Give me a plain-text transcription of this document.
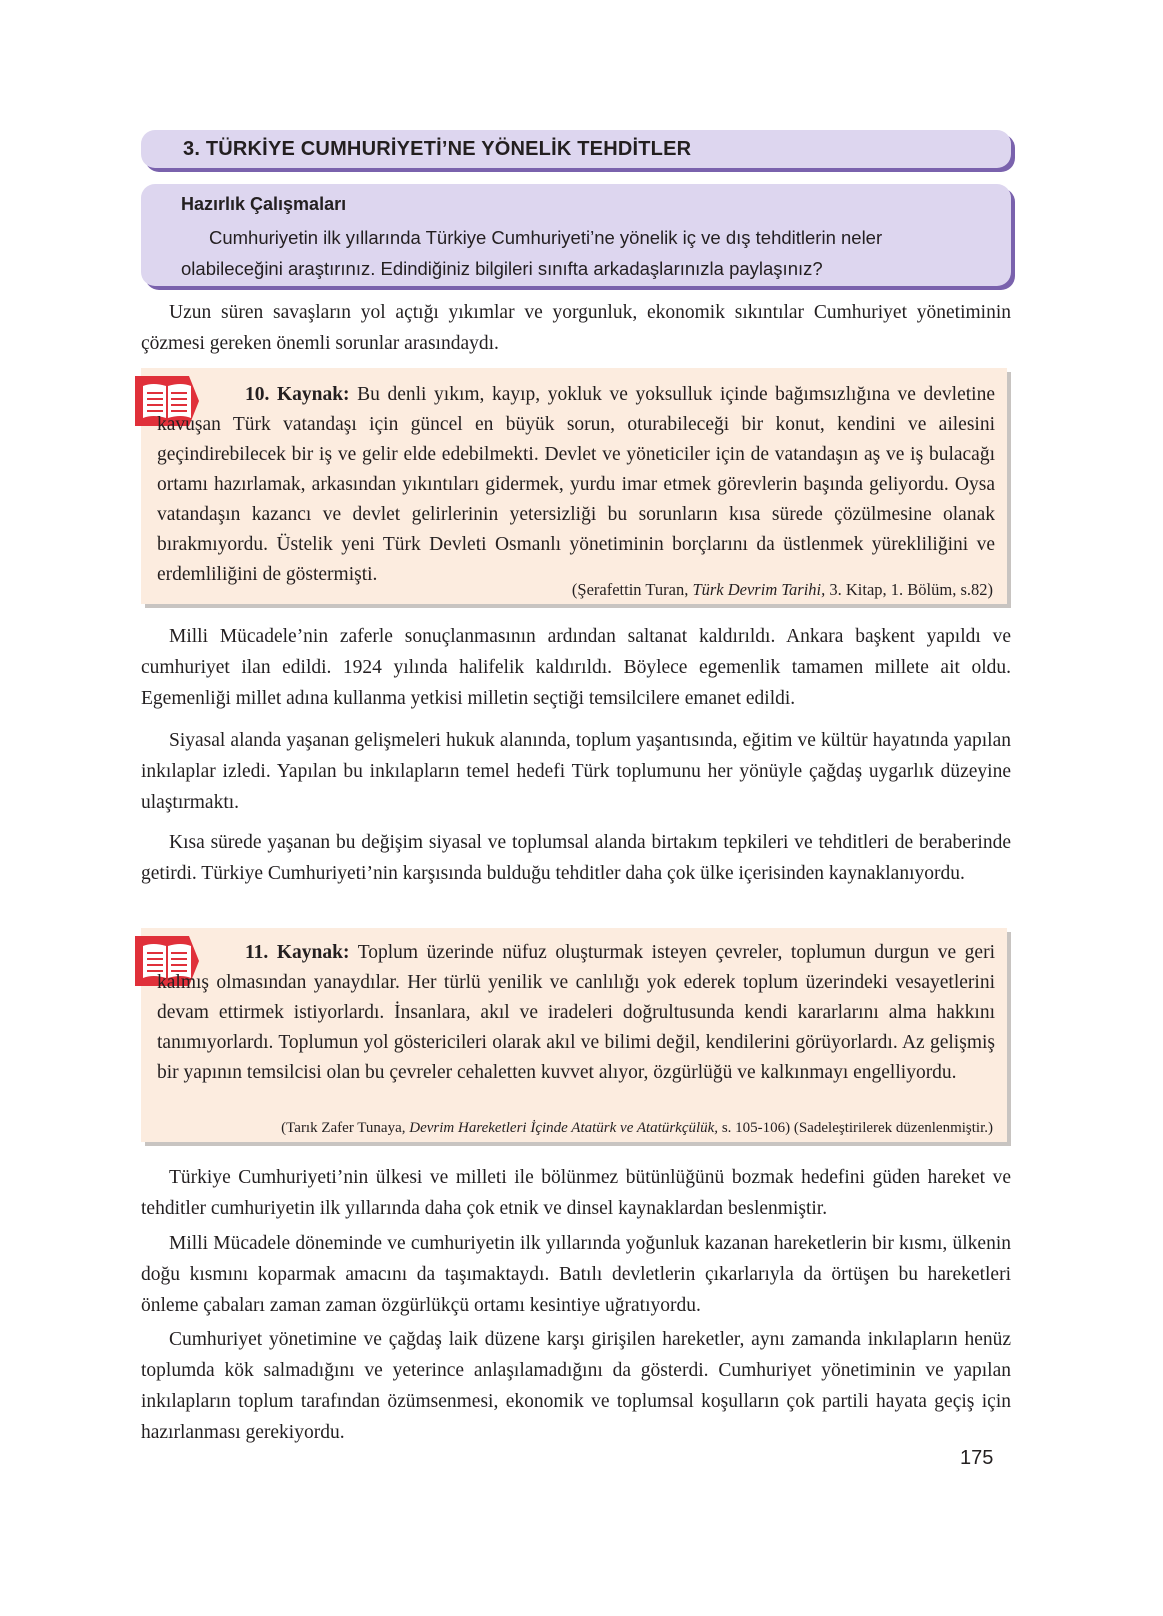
3. TÜRKİYE CUMHURİYETİ’NE YÖNELİK TEHDİTLER
Hazırlık Çalışmaları

Cumhuriyetin ilk yıllarında Türkiye Cumhuriyeti’ne yönelik iç ve dış tehditlerin neler olabileceğini araştırınız. Edindiğiniz bilgileri sınıfta arkadaşlarınızla paylaşınız?

Uzun süren savaşların yol açtığı yıkımlar ve yorgunluk, ekonomik sıkıntılar Cumhuriyet yönetiminin çözmesi gereken önemli sorunlar arasındaydı.

10. Kaynak: Bu denli yıkım, kayıp, yokluk ve yoksulluk içinde bağımsızlığına ve devletine kavuşan Türk vatandaşı için güncel en büyük sorun, oturabileceği bir konut, kendini ve ailesini geçindirebilecek bir iş ve gelir elde edebilmekti. Devlet ve yöneticiler için de vatandaşın aş ve iş bulacağı ortamı hazırlamak, arkasından yıkıntıları gidermek, yurdu imar etmek görevlerin başında geliyordu. Oysa vatandaşın kazancı ve devlet gelirlerinin yetersizliği bu sorunların kısa sürede çözülmesine olanak bırakmıyordu. Üstelik yeni Türk Devleti Osmanlı yönetiminin borçlarını da üstlenmek yürekliliğini ve erdemliliğini de göstermişti.

(Şerafettin Turan, Türk Devrim Tarihi, 3. Kitap, 1. Bölüm, s.82)

Milli Mücadele’nin zaferle sonuçlanmasının ardından saltanat kaldırıldı. Ankara başkent yapıldı ve cumhuriyet ilan edildi. 1924 yılında halifelik kaldırıldı. Böylece egemenlik tamamen millete ait oldu. Egemenliği millet adına kullanma yetkisi milletin seçtiği temsilcilere emanet edildi.

Siyasal alanda yaşanan gelişmeleri hukuk alanında, toplum yaşantısında, eğitim ve kültür hayatında yapılan inkılaplar izledi. Yapılan bu inkılapların temel hedefi Türk toplumunu her yönüyle çağdaş uygarlık düzeyine ulaştırmaktı.

Kısa sürede yaşanan bu değişim siyasal ve toplumsal alanda birtakım tepkileri ve tehditleri de beraberinde getirdi. Türkiye Cumhuriyeti’nin karşısında bulduğu tehditler daha çok ülke içerisinden kaynaklanıyordu.

11. Kaynak: Toplum üzerinde nüfuz oluşturmak isteyen çevreler, toplumun durgun ve geri kalmış olmasından yanaydılar. Her türlü yenilik ve canlılığı yok ederek toplum üzerindeki vesayetlerini devam ettirmek istiyorlardı. İnsanlara, akıl ve iradeleri doğrultusunda kendi kararlarını alma hakkını tanımıyorlardı. Toplumun yol göstericileri olarak akıl ve bilimi değil, kendilerini görüyorlardı. Az gelişmiş bir yapının temsilcisi olan bu çevreler cehaletten kuvvet alıyor, özgürlüğü ve kalkınmayı engelliyordu.

(Tarık Zafer Tunaya, Devrim Hareketleri İçinde Atatürk ve Atatürkçülük, s. 105-106) (Sadeleştirilerek düzenlenmiştir.)

Türkiye Cumhuriyeti’nin ülkesi ve milleti ile bölünmez bütünlüğünü bozmak hedefini güden hareket ve tehditler cumhuriyetin ilk yıllarında daha çok etnik ve dinsel kaynaklardan beslenmiştir.

Milli Mücadele döneminde ve cumhuriyetin ilk yıllarında yoğunluk kazanan hareketlerin bir kısmı, ülkenin doğu kısmını koparmak amacını da taşımaktaydı. Batılı devletlerin çıkarlarıyla da örtüşen bu hareketleri önleme çabaları zaman zaman özgürlükçü ortamı kesintiye uğratıyordu.

Cumhuriyet yönetimine ve çağdaş laik düzene karşı girişilen hareketler, aynı zamanda inkılapların henüz toplumda kök salmadığını ve yeterince anlaşılamadığını da gösterdi. Cumhuriyet yönetiminin ve yapılan inkılapların toplum tarafından özümsenmesi, ekonomik ve toplumsal koşulların çok partili hayata geçiş için hazırlanması gerekiyordu.

175
